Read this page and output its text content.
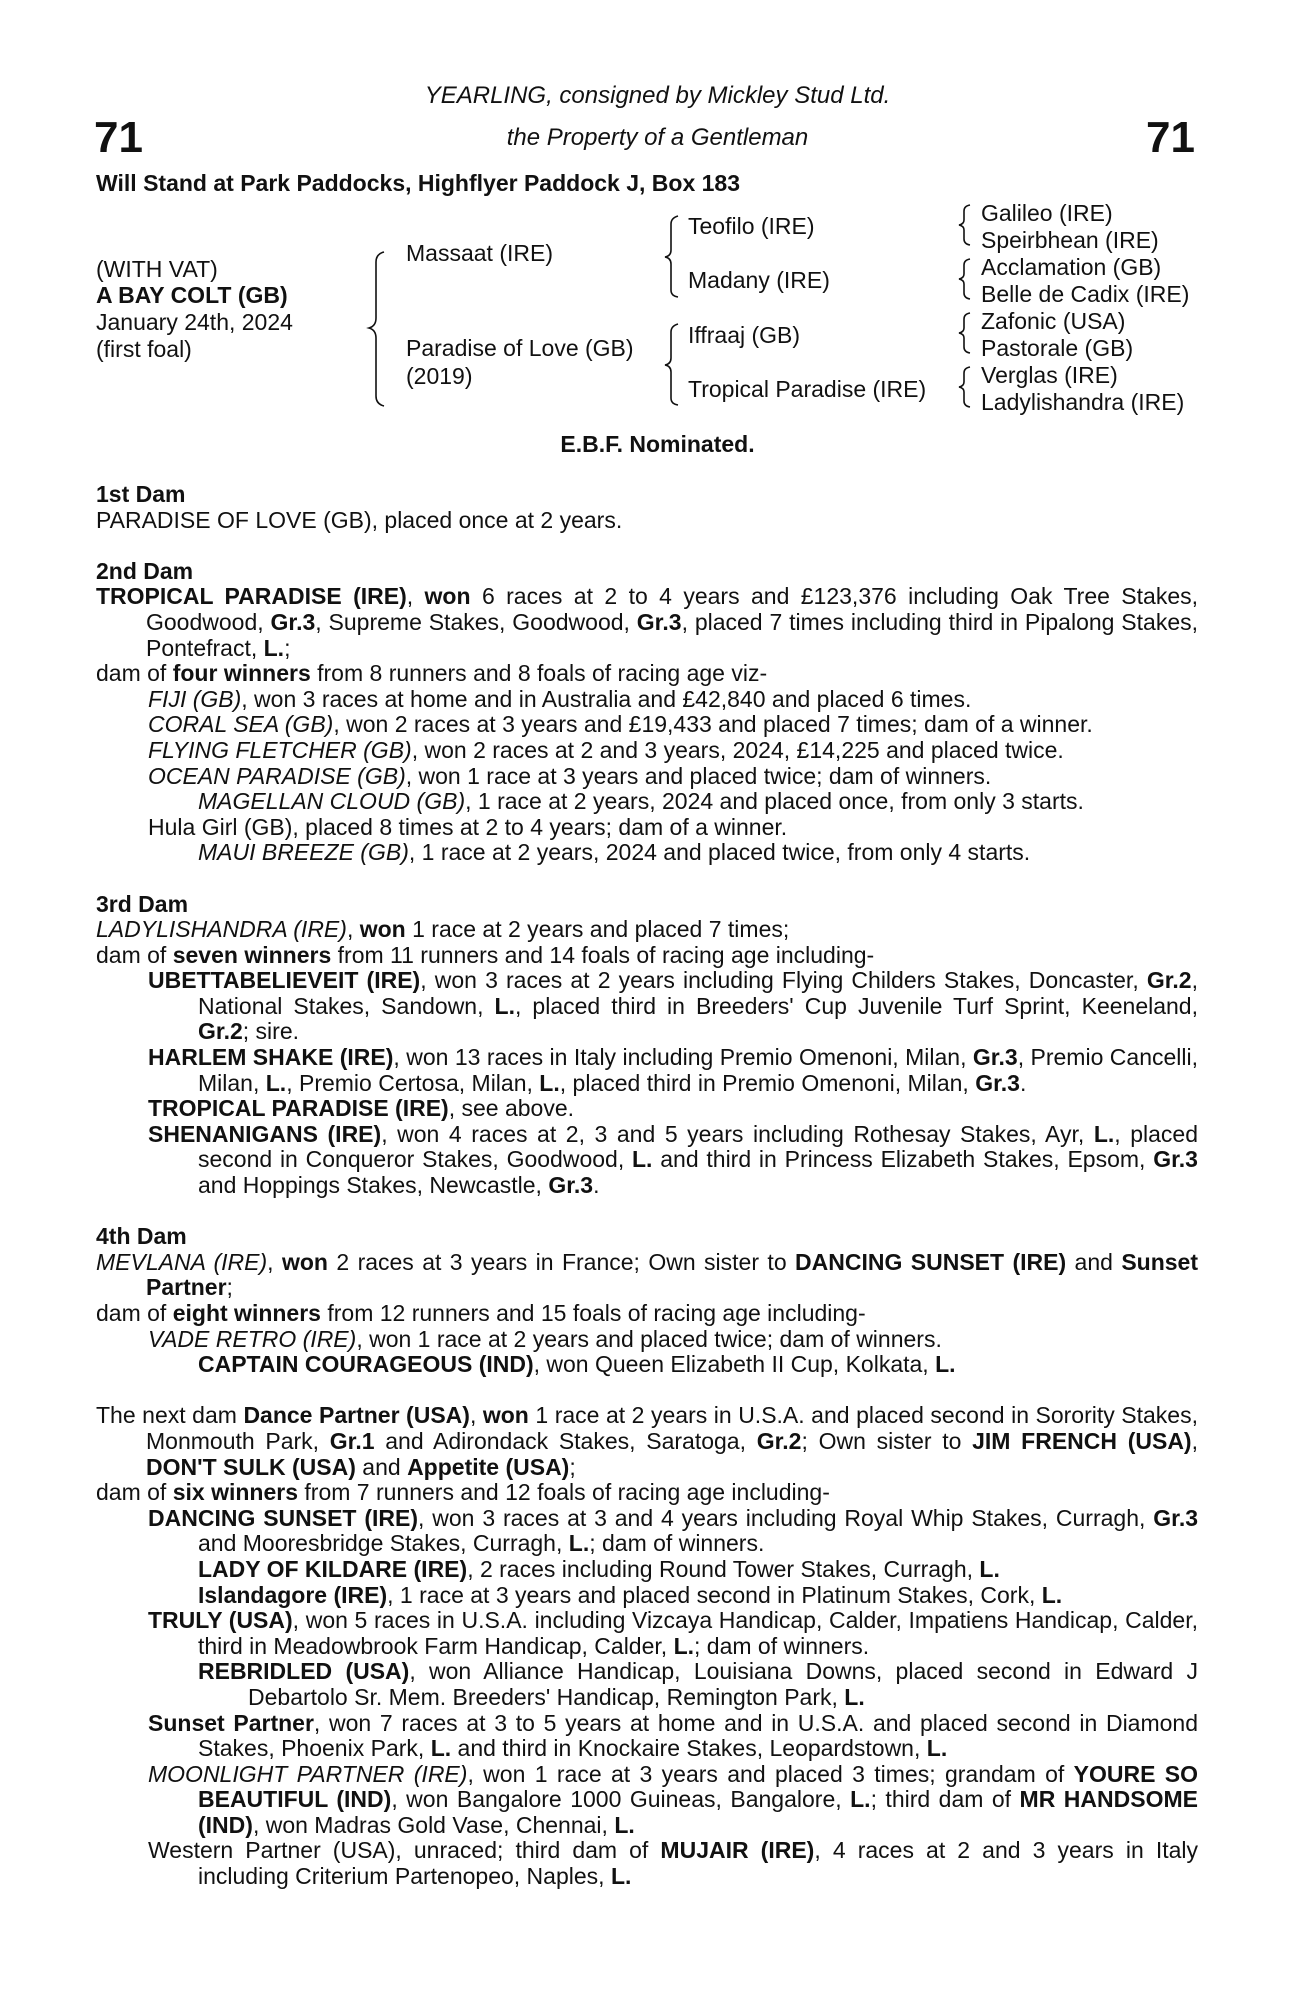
YEARLING, consigned by Mickley Stud Ltd.
the Property of a Gentleman
71	71
Will Stand at Park Paddocks, Highflyer Paddock J, Box 183
(WITH VAT)
A BAY COLT (GB)
January 24th, 2024
(first foal)
Massaat (IRE)
Paradise of Love (GB)
(2019)
Teofilo (IRE)
Madany (IRE)
Iffraaj (GB)
Tropical Paradise (IRE)
Galileo (IRE)
Speirbhean (IRE)
Acclamation (GB)
Belle de Cadix (IRE)
Zafonic (USA)
Pastorale (GB)
Verglas (IRE)
Ladylishandra (IRE)
E.B.F. Nominated.
1st Dam
PARADISE OF LOVE (GB), placed once at 2 years.
2nd Dam
TROPICAL PARADISE (IRE), won 6 races at 2 to 4 years and £123,376 including Oak Tree Stakes, Goodwood, Gr.3, Supreme Stakes, Goodwood, Gr.3, placed 7 times including third in Pipalong Stakes, Pontefract, L.;
dam of four winners from 8 runners and 8 foals of racing age viz-
FIJI (GB), won 3 races at home and in Australia and £42,840 and placed 6 times.
CORAL SEA (GB), won 2 races at 3 years and £19,433 and placed 7 times; dam of a winner.
FLYING FLETCHER (GB), won 2 races at 2 and 3 years, 2024, £14,225 and placed twice.
OCEAN PARADISE (GB), won 1 race at 3 years and placed twice; dam of winners.
MAGELLAN CLOUD (GB), 1 race at 2 years, 2024 and placed once, from only 3 starts.
Hula Girl (GB), placed 8 times at 2 to 4 years; dam of a winner.
MAUI BREEZE (GB), 1 race at 2 years, 2024 and placed twice, from only 4 starts.
3rd Dam
LADYLISHANDRA (IRE), won 1 race at 2 years and placed 7 times;
dam of seven winners from 11 runners and 14 foals of racing age including-
UBETTABELIEVEIT (IRE), won 3 races at 2 years including Flying Childers Stakes, Doncaster, Gr.2, National Stakes, Sandown, L., placed third in Breeders' Cup Juvenile Turf Sprint, Keeneland, Gr.2; sire.
HARLEM SHAKE (IRE), won 13 races in Italy including Premio Omenoni, Milan, Gr.3, Premio Cancelli, Milan, L., Premio Certosa, Milan, L., placed third in Premio Omenoni, Milan, Gr.3.
TROPICAL PARADISE (IRE), see above.
SHENANIGANS (IRE), won 4 races at 2, 3 and 5 years including Rothesay Stakes, Ayr, L., placed second in Conqueror Stakes, Goodwood, L. and third in Princess Elizabeth Stakes, Epsom, Gr.3 and Hoppings Stakes, Newcastle, Gr.3.
4th Dam
MEVLANA (IRE), won 2 races at 3 years in France; Own sister to DANCING SUNSET (IRE) and Sunset Partner;
dam of eight winners from 12 runners and 15 foals of racing age including-
VADE RETRO (IRE), won 1 race at 2 years and placed twice; dam of winners.
CAPTAIN COURAGEOUS (IND), won Queen Elizabeth II Cup, Kolkata, L.
The next dam Dance Partner (USA), won 1 race at 2 years in U.S.A. and placed second in Sorority Stakes, Monmouth Park, Gr.1 and Adirondack Stakes, Saratoga, Gr.2; Own sister to JIM FRENCH (USA), DON'T SULK (USA) and Appetite (USA);
dam of six winners from 7 runners and 12 foals of racing age including-
DANCING SUNSET (IRE), won 3 races at 3 and 4 years including Royal Whip Stakes, Curragh, Gr.3 and Mooresbridge Stakes, Curragh, L.; dam of winners.
LADY OF KILDARE (IRE), 2 races including Round Tower Stakes, Curragh, L.
Islandagore (IRE), 1 race at 3 years and placed second in Platinum Stakes, Cork, L.
TRULY (USA), won 5 races in U.S.A. including Vizcaya Handicap, Calder, Impatiens Handicap, Calder, third in Meadowbrook Farm Handicap, Calder, L.; dam of winners.
REBRIDLED (USA), won Alliance Handicap, Louisiana Downs, placed second in Edward J Debartolo Sr. Mem. Breeders' Handicap, Remington Park, L.
Sunset Partner, won 7 races at 3 to 5 years at home and in U.S.A. and placed second in Diamond Stakes, Phoenix Park, L. and third in Knockaire Stakes, Leopardstown, L.
MOONLIGHT PARTNER (IRE), won 1 race at 3 years and placed 3 times; grandam of YOURE SO BEAUTIFUL (IND), won Bangalore 1000 Guineas, Bangalore, L.; third dam of MR HANDSOME (IND), won Madras Gold Vase, Chennai, L.
Western Partner (USA), unraced; third dam of MUJAIR (IRE), 4 races at 2 and 3 years in Italy including Criterium Partenopeo, Naples, L.
